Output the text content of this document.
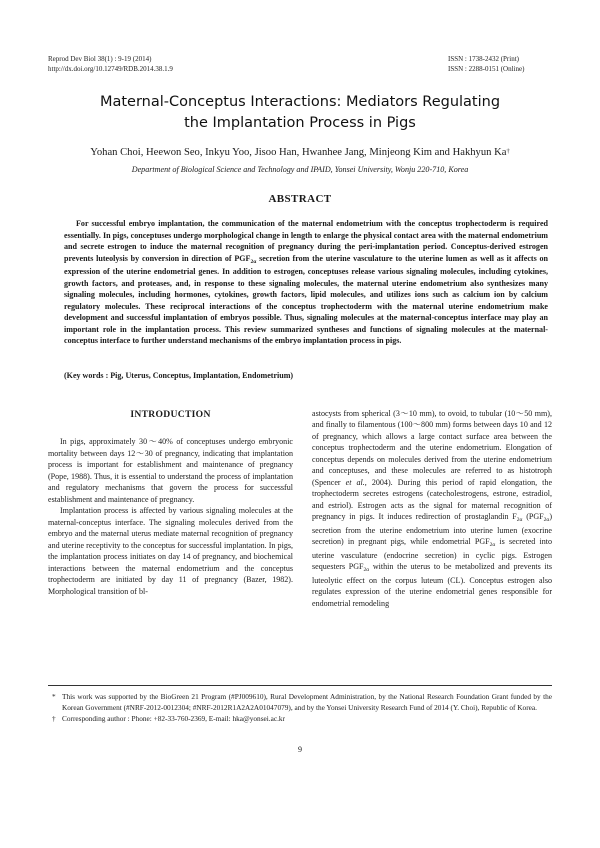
Reprod Dev Biol 38(1) : 9-19 (2014)
http://dx.doi.org/10.12749/RDB.2014.38.1.9
ISSN : 1738-2432 (Print)
ISSN : 2288-0151 (Online)
Maternal-Conceptus Interactions: Mediators Regulating
the Implantation Process in Pigs
Yohan Choi, Heewon Seo, Inkyu Yoo, Jisoo Han, Hwanhee Jang, Minjeong Kim and Hakhyun Ka†
Department of Biological Science and Technology and IPAID, Yonsei University, Wonju 220-710, Korea
ABSTRACT
For successful embryo implantation, the communication of the maternal endometrium with the conceptus trophectoderm is required essentially. In pigs, conceptuses undergo morphological change in length to enlarge the physical contact area with the maternal endometrium and secrete estrogen to induce the maternal recognition of pregnancy during the peri-implantation period. Conceptus-derived estrogen prevents luteolysis by conversion in direction of $PGF_{2\alpha}$ secretion from the uterine vasculature to the uterine lumen as well as it affects on expression of the uterine endometrial genes. In addition to estrogen, conceptuses release various signaling molecules, including cytokines, growth factors, and proteases, and, in response to these signaling molecules, the maternal uterine endometrium also synthesizes many signaling molecules, including hormones, cytokines, growth factors, lipid molecules, and utilizes ions such as calcium ion by calcium regulatory molecules. These reciprocal interactions of the conceptus trophectoderm with the maternal uterine endometrium make development and successful implantation of embryos possible. Thus, signaling molecules at the maternal-conceptus interface may play an important role in the implantation process. This review summarized syntheses and functions of signaling molecules at the maternal-conceptus interface to further understand mechanisms of the embryo implantation process in pigs.
(Key words : Pig, Uterus, Conceptus, Implantation, Endometrium)
INTRODUCTION

In pigs, approximately 30～40% of conceptuses undergo embryonic mortality between days 12～30 of pregnancy, indicating that implantation process is important for establishment and maintenance of pregnancy (Pope, 1988). Thus, it is essential to understand the process of implantation and regulatory mechanisms that govern the process for successful establishment and maintenance of pregnancy.

Implantation process is affected by various signaling molecules at the maternal-conceptus interface. The signaling molecules derived from the embryo and the maternal uterus mediate maternal recognition of pregnancy and uterine receptivity to the conceptus for successful implantation. In pigs, the implantation process initiates on day 14 of pregnancy, and biochemical interactions between the maternal endometrium and the conceptus trophectoderm are initiated by day 11 of pregnancy (Bazer, 1982). Morphological transition of bl-

astocysts from spherical (3～10 mm), to ovoid, to tubular (10～50 mm), and finally to filamentous (100～800 mm) forms between days 10 and 12 of pregnancy, which allows a large contact surface area between the conceptus trophectoderm and the uterine endometrium. Elongation of conceptus depends on molecules derived from the uterine endometrium and conceptuses, and these molecules are referred to as histotroph (Spencer et al., 2004). During this period of rapid elongation, the trophectoderm secretes estrogens (catecholestrogens, estrone, estradiol, and estriol). Estrogen acts as the signal for maternal recognition of pregnancy in pigs. It induces redirection of prostaglandin $F_{2\alpha}$ $(PGF_{2\alpha})$ secretion from the uterine endometrium into uterine lumen (exocrine secretion) in pregnant pigs, while endometrial $PGF_{2\alpha}$ is secreted into uterine vasculature (endocrine secretion) in cyclic pigs. Estrogen sequesters $PGF_{2\alpha}$ within the uterus to be metabolized and prevents its luteolytic effect on the corpus luteum (CL). Conceptus estrogen also regulates expression of the uterine endometrial genes responsible for endometrial remodeling

* This work was supported by the BioGreen 21 Program (#PJ009610), Rural Development Administration, by the National Research Foundation Grant funded by the Korean Government (#NRF-2012-0012304; #NRF-2012R1A2A2A01047079), and by the Yonsei University Research Fund of 2014 (Y. Choi), Republic of Korea.
† Corresponding author : Phone: +82-33-760-2369, E-mail: hka@yonsei.ac.kr
9
